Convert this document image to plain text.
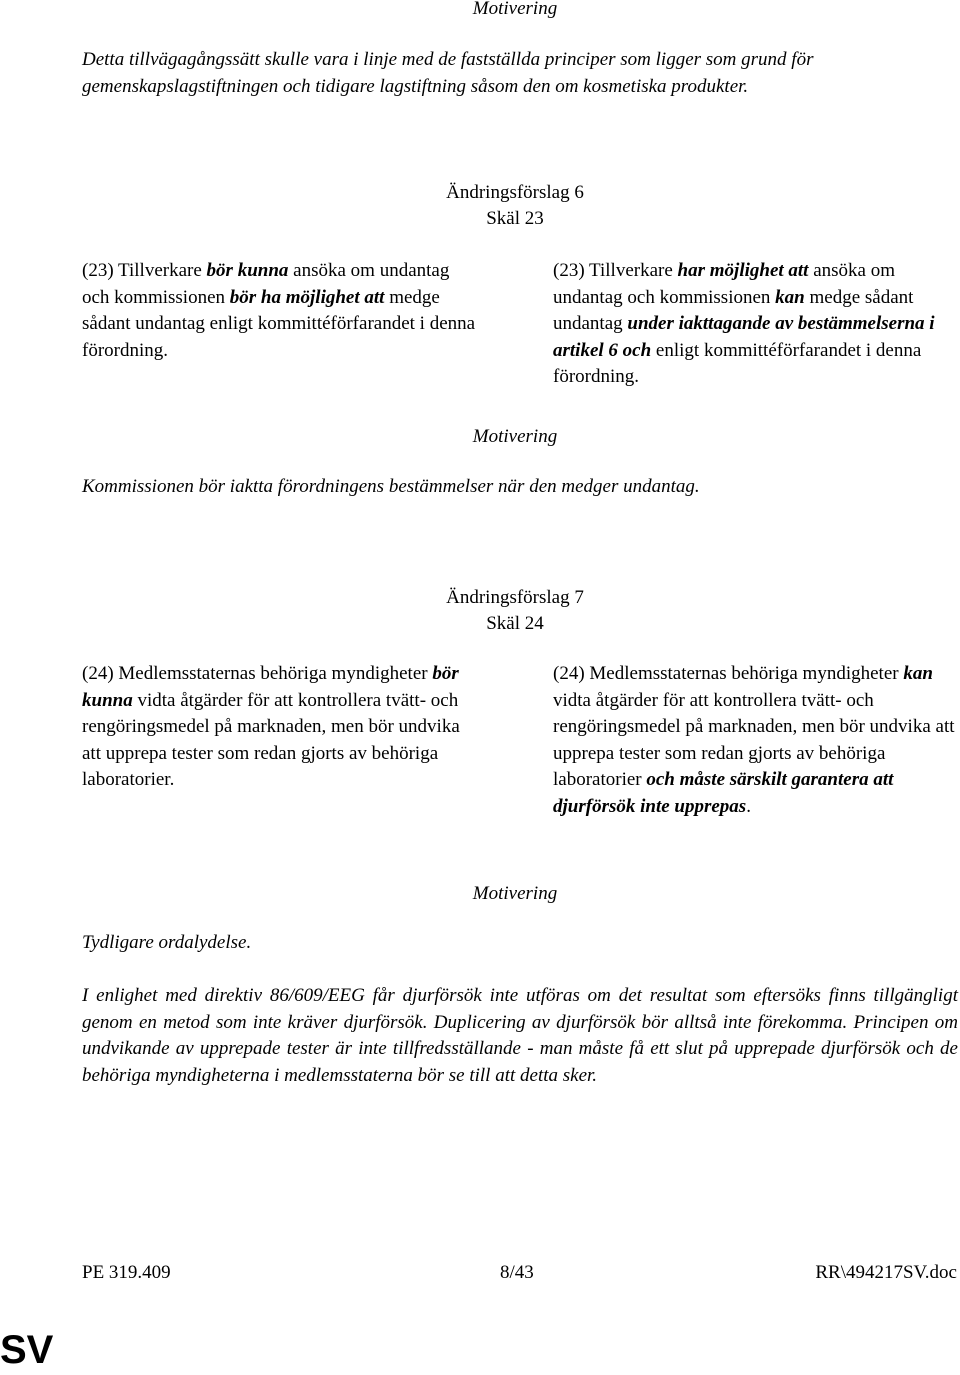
Motivering
Detta tillvägagångssätt skulle vara i linje med de fastställda principer som ligger som grund för gemenskapslagstiftningen och tidigare lagstiftning såsom den om kosmetiska produkter.
Ändringsförslag 6
Skäl 23
(23) Tillverkare bör kunna ansöka om undantag och kommissionen bör ha möjlighet att medge sådant undantag enligt kommittéförfarandet i denna förordning.
(23) Tillverkare har möjlighet att ansöka om undantag och kommissionen kan medge sådant undantag under iakttagande av bestämmelserna i artikel 6 och enligt kommittéförfarandet i denna förordning.
Motivering
Kommissionen bör iaktta förordningens bestämmelser när den medger undantag.
Ändringsförslag 7
Skäl 24
(24) Medlemsstaternas behöriga myndigheter bör kunna vidta åtgärder för att kontrollera tvätt- och rengöringsmedel på marknaden, men bör undvika att upprepa tester som redan gjorts av behöriga laboratorier.
(24) Medlemsstaternas behöriga myndigheter kan vidta åtgärder för att kontrollera tvätt- och rengöringsmedel på marknaden, men bör undvika att upprepa tester som redan gjorts av behöriga laboratorier och måste särskilt garantera att djurförsök inte upprepas.
Motivering
Tydligare ordalydelse.
I enlighet med direktiv 86/609/EEG får djurförsök inte utföras om det resultat som eftersöks finns tillgängligt genom en metod som inte kräver djurförsök. Duplicering av djurförsök bör alltså inte förekomma. Principen om undvikande av upprepade tester är inte tillfredsställande - man måste få ett slut på upprepade djurförsök och de behöriga myndigheterna i medlemsstaterna bör se till att detta sker.
PE 319.409	8/43	RR\494217SV.doc
SV
